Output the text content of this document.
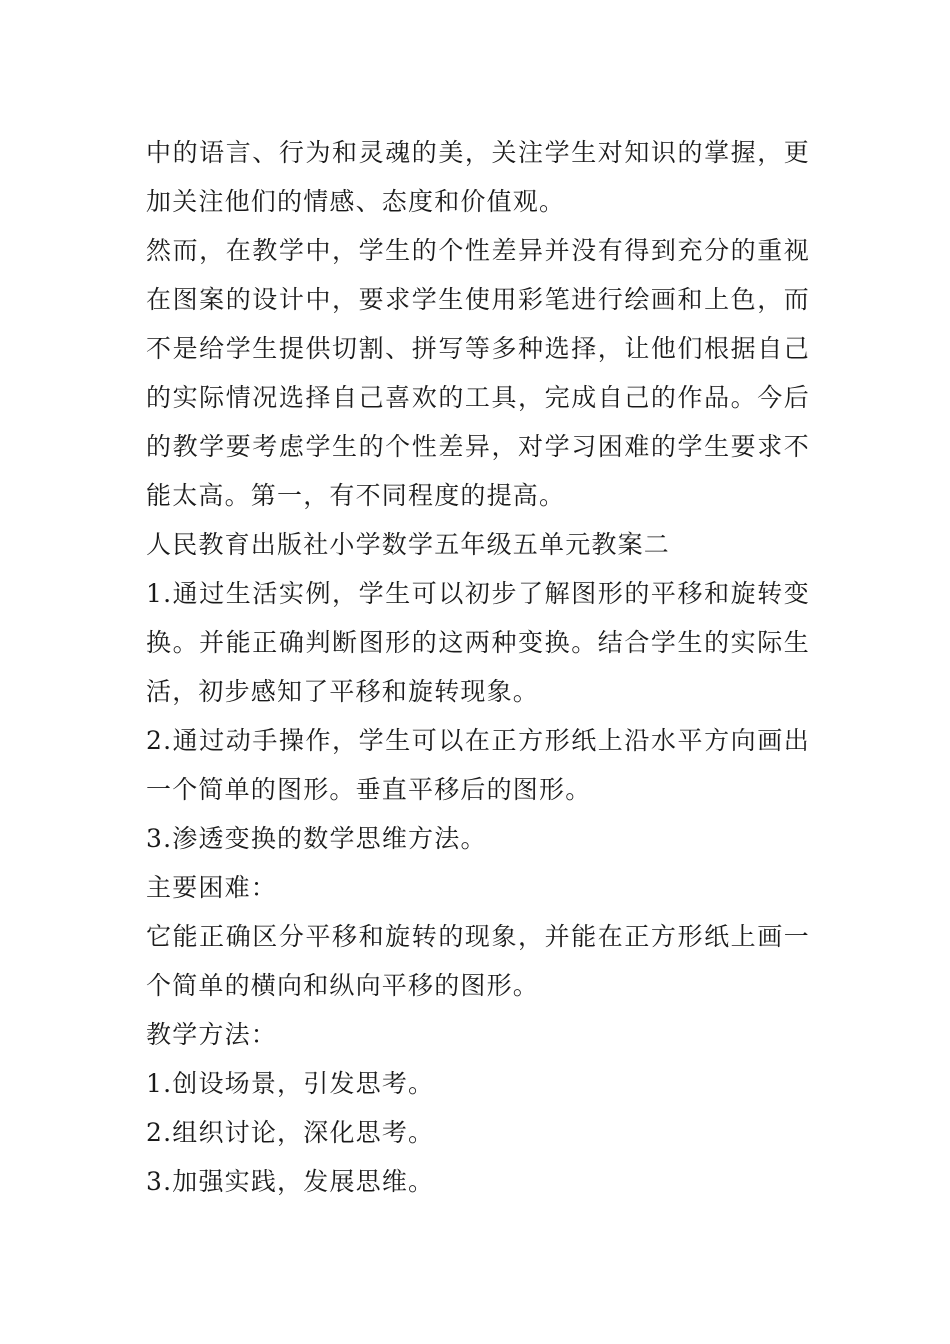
中的语言、行为和灵魂的美，关注学生对知识的掌握，更加关注他们的情感、态度和价值观。

然而，在教学中，学生的个性差异并没有得到充分的重视在图案的设计中，要求学生使用彩笔进行绘画和上色，而不是给学生提供切割、拼写等多种选择，让他们根据自己的实际情况选择自己喜欢的工具，完成自己的作品。今后的教学要考虑学生的个性差异，对学习困难的学生要求不能太高。第一，有不同程度的提高。

人民教育出版社小学数学五年级五单元教案二

1.通过生活实例，学生可以初步了解图形的平移和旋转变换。并能正确判断图形的这两种变换。结合学生的实际生活，初步感知了平移和旋转现象。

2.通过动手操作，学生可以在正方形纸上沿水平方向画出一个简单的图形。垂直平移后的图形。

3.渗透变换的数学思维方法。

主要困难：

它能正确区分平移和旋转的现象，并能在正方形纸上画一个简单的横向和纵向平移的图形。

教学方法：

1.创设场景，引发思考。

2.组织讨论，深化思考。

3.加强实践，发展思维。
